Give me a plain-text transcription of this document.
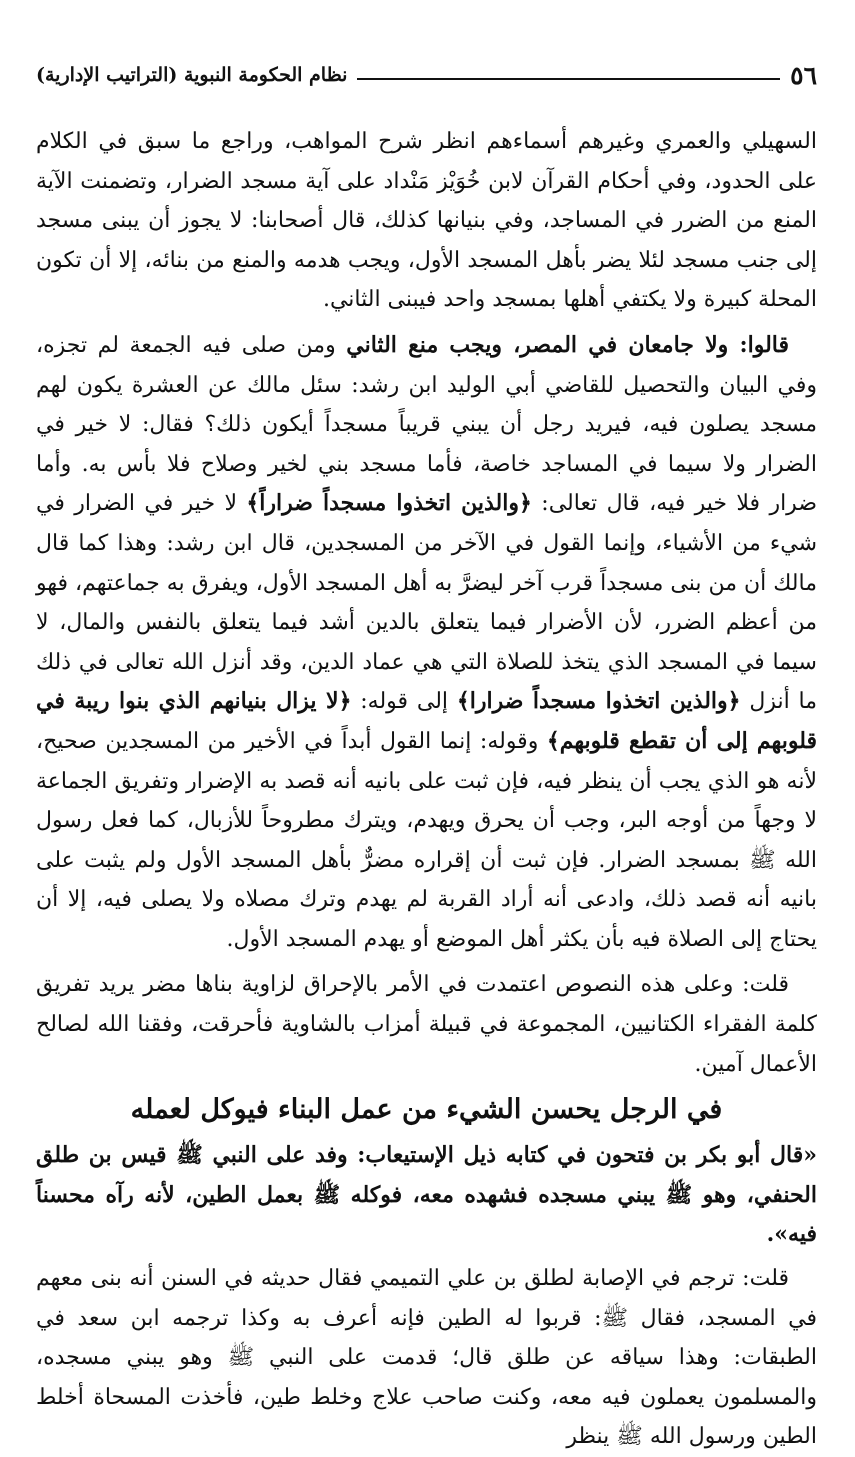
٥٦
نظام الحكومة النبوية (التراتيب الإدارية)

السهيلي والعمري وغيرهم أسماءهم انظر شرح المواهب، وراجع ما سبق في الكلام على الحدود، وفي أحكام القرآن لابن خُوَيْز مَنْداد على آية مسجد الضرار، وتضمنت الآية المنع من الضرر في المساجد، وفي بنيانها كذلك، قال أصحابنا: لا يجوز أن يبنى مسجد إلى جنب مسجد لئلا يضر بأهل المسجد الأول، ويجب هدمه والمنع من بنائه، إلا أن تكون المحلة كبيرة ولا يكتفي أهلها بمسجد واحد فيبنى الثاني.

قالوا: ولا جامعان في المصر، ويجب منع الثاني ومن صلى فيه الجمعة لم تجزه، وفي البيان والتحصيل للقاضي أبي الوليد ابن رشد: سئل مالك عن العشرة يكون لهم مسجد يصلون فيه، فيريد رجل أن يبني قريباً مسجداً أيكون ذلك؟ فقال: لا خير في الضرار ولا سيما في المساجد خاصة، فأما مسجد بني لخير وصلاح فلا بأس به. وأما ضرار فلا خير فيه، قال تعالى: ﴿والذين اتخذوا مسجداً ضراراً﴾ لا خير في الضرار في شيء من الأشياء، وإنما القول في الآخر من المسجدين، قال ابن رشد: وهذا كما قال مالك أن من بنى مسجداً قرب آخر ليضرَّ به أهل المسجد الأول، ويفرق به جماعتهم، فهو من أعظم الضرر، لأن الأضرار فيما يتعلق بالدين أشد فيما يتعلق بالنفس والمال، لا سيما في المسجد الذي يتخذ للصلاة التي هي عماد الدين، وقد أنزل الله تعالى في ذلك ما أنزل ﴿والذين اتخذوا مسجداً ضرارا﴾ إلى قوله: ﴿لا يزال بنيانهم الذي بنوا ريبة في قلوبهم إلى أن تقطع قلوبهم﴾ وقوله: إنما القول أبداً في الأخير من المسجدين صحيح، لأنه هو الذي يجب أن ينظر فيه، فإن ثبت على بانيه أنه قصد به الإضرار وتفريق الجماعة لا وجهاً من أوجه البر، وجب أن يحرق ويهدم، ويترك مطروحاً للأزبال، كما فعل رسول الله ﷺ بمسجد الضرار. فإن ثبت أن إقراره مضرٌّ بأهل المسجد الأول ولم يثبت على بانيه أنه قصد ذلك، وادعى أنه أراد القربة لم يهدم وترك مصلاه ولا يصلى فيه، إلا أن يحتاج إلى الصلاة فيه بأن يكثر أهل الموضع أو يهدم المسجد الأول.

قلت: وعلى هذه النصوص اعتمدت في الأمر بالإحراق لزاوية بناها مضر يريد تفريق كلمة الفقراء الكتانيين، المجموعة في قبيلة أمزاب بالشاوية فأحرقت، وفقنا الله لصالح الأعمال آمين.

في الرجل يحسن الشيء من عمل البناء فيوكل لعمله

«قال أبو بكر بن فتحون في كتابه ذيل الإستيعاب: وفد على النبي ﷺ قيس بن طلق الحنفي، وهو ﷺ يبني مسجده فشهده معه، فوكله ﷺ بعمل الطين، لأنه رآه محسناً فيه».

قلت: ترجم في الإصابة لطلق بن علي التميمي فقال حديثه في السنن أنه بنى معهم في المسجد، فقال ﷺ: قربوا له الطين فإنه أعرف به وكذا ترجمه ابن سعد في الطبقات: وهذا سياقه عن طلق قال؛ قدمت على النبي ﷺ وهو يبني مسجده، والمسلمون يعملون فيه معه، وكنت صاحب علاج وخلط طين، فأخذت المسحاة أخلط الطين ورسول الله ﷺ ينظر
